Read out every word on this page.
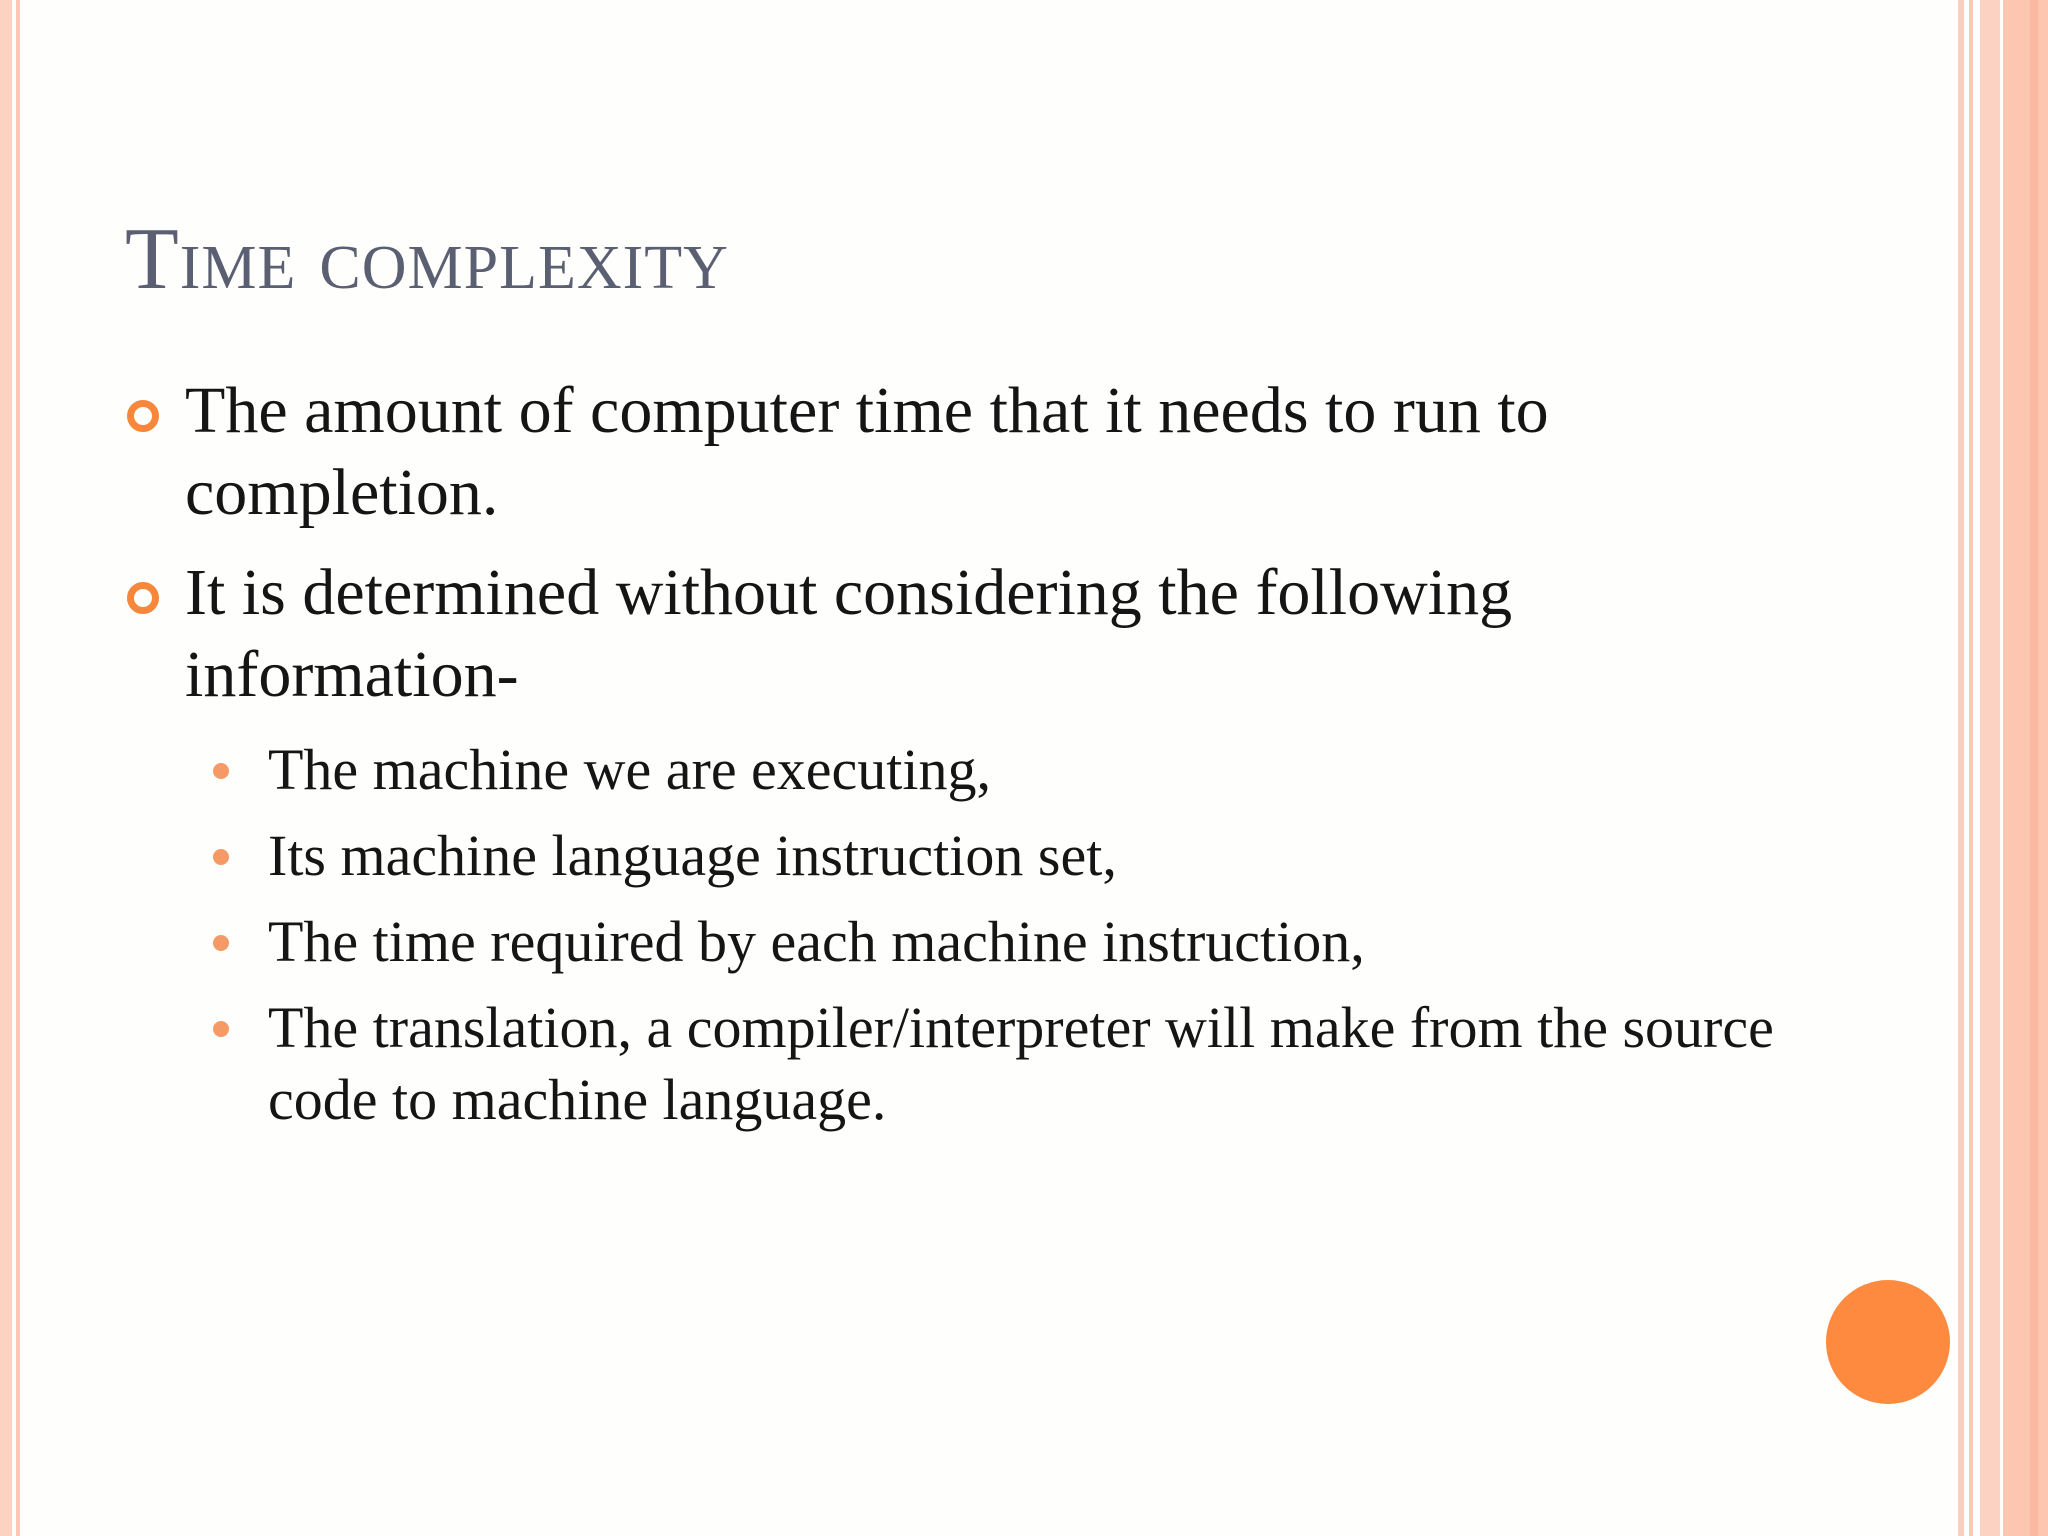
Time complexity
The amount of computer time that it needs to run to completion.
It is determined without considering the following information-
The machine we are executing,
Its machine language instruction set,
The time required by each machine instruction,
The translation, a compiler/interpreter will make from the source code to machine language.
